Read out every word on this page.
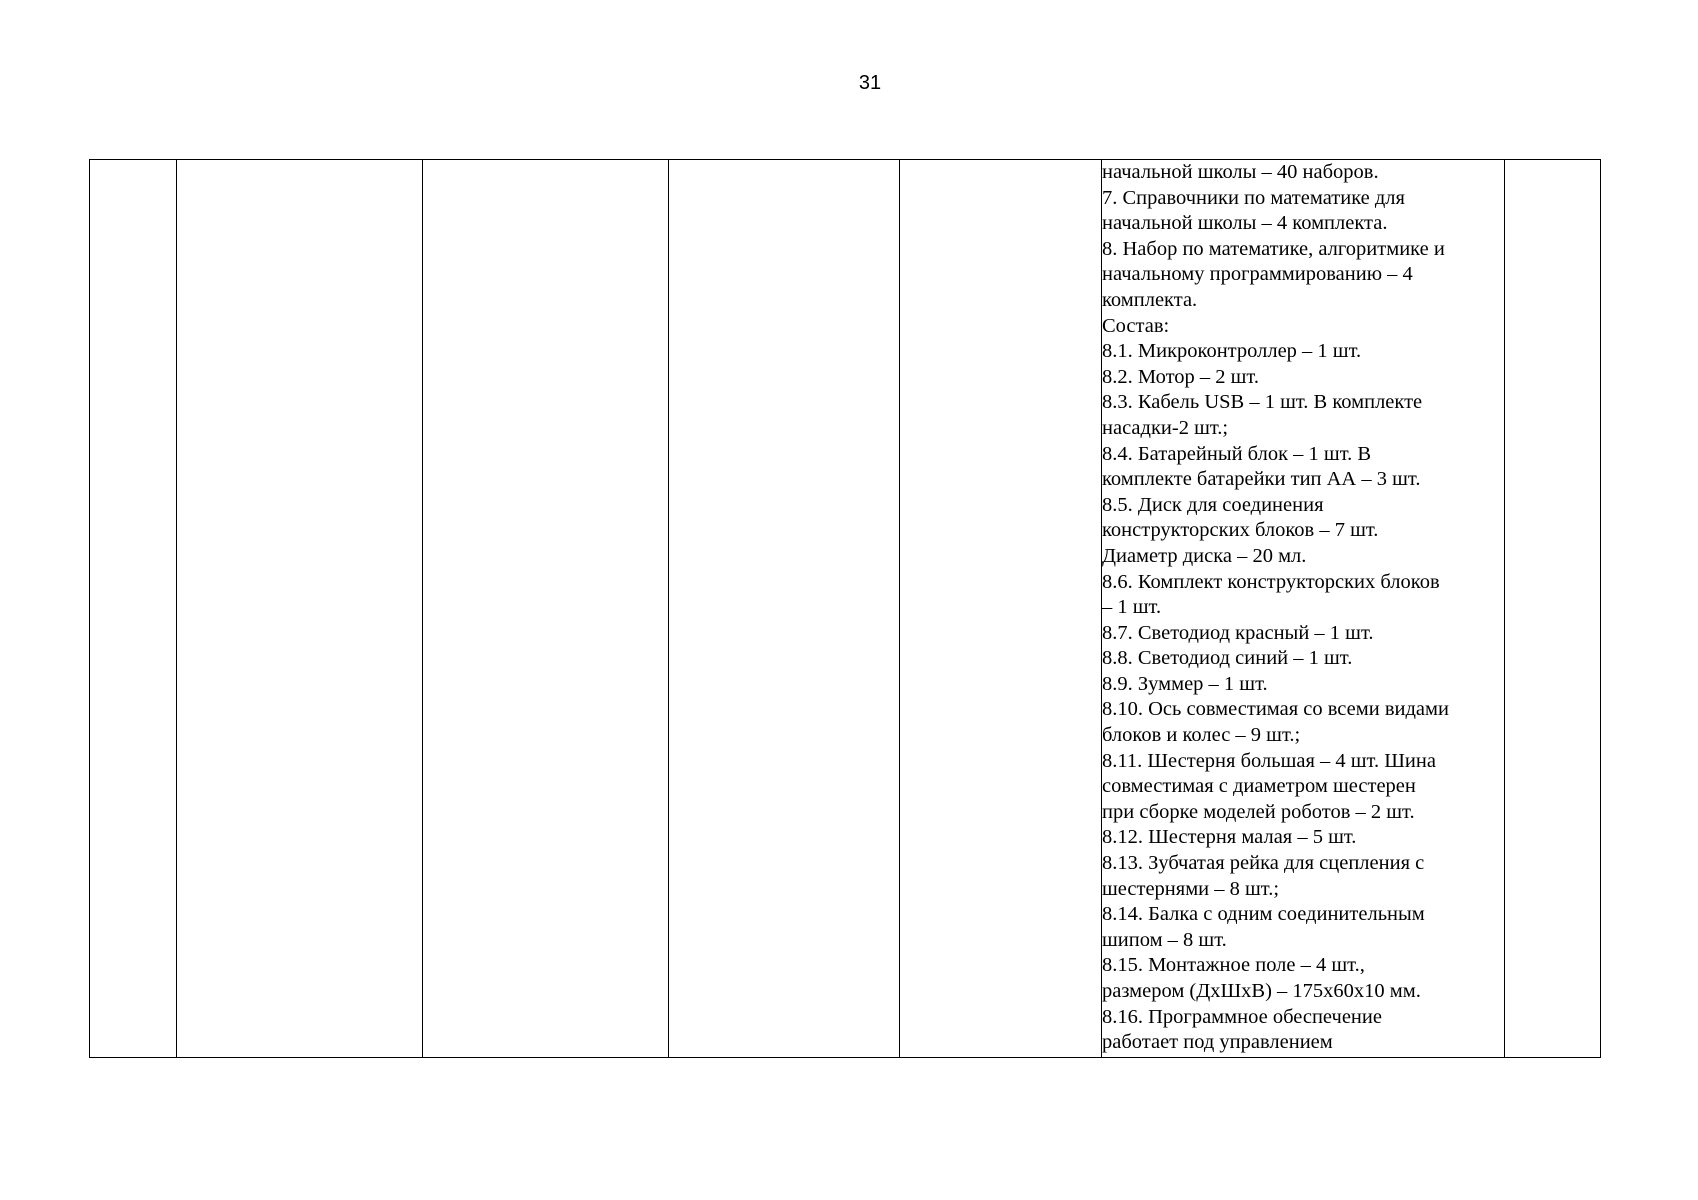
31

начальной школы – 40 наборов.
7. Справочники по математике для
начальной школы – 4 комплекта.
8. Набор по математике, алгоритмике и
начальному программированию – 4
комплекта.
Состав:
8.1. Микроконтроллер – 1 шт.
8.2. Мотор – 2 шт.
8.3. Кабель USB – 1 шт. В комплекте
насадки-2 шт.;
8.4. Батарейный блок – 1 шт. В
комплекте батарейки тип АА – 3 шт.
8.5. Диск для соединения
конструкторских блоков – 7 шт.
Диаметр диска – 20 мл.
8.6. Комплект конструкторских блоков
– 1 шт.
8.7. Светодиод красный – 1 шт.
8.8. Светодиод синий – 1 шт.
8.9. Зуммер – 1 шт.
8.10. Ось совместимая со всеми видами
блоков и колес – 9 шт.;
8.11. Шестерня большая – 4 шт. Шина
совместимая с диаметром шестерен
при сборке моделей роботов – 2 шт.
8.12. Шестерня малая – 5 шт.
8.13. Зубчатая рейка для сцепления с
шестернями – 8 шт.;
8.14. Балка с одним соединительным
шипом – 8 шт.
8.15. Монтажное поле – 4 шт.,
размером (ДхШхВ) – 175х60х10 мм.
8.16. Программное обеспечение
работает под управлением
